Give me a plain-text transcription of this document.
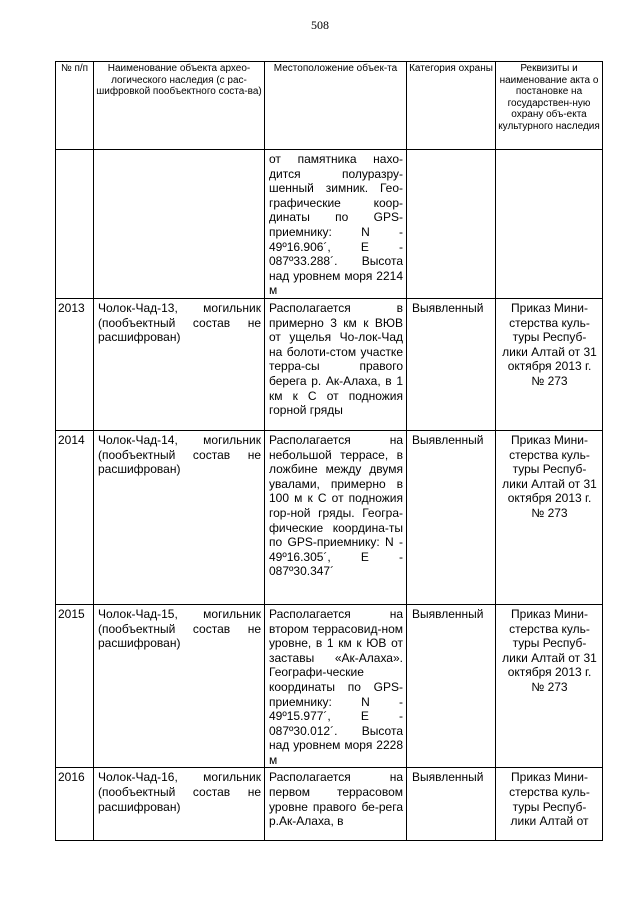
508
№ п/п	Наименование объекта архео-логического наследия (с рас-шифровкой пообъектного соста-ва)	Местоположение объек-та	Категория охраны	Реквизиты и наименование акта о постановке на государствен-ную охрану объ-екта культурного наследия
		от памятника нахо-дится полуразру-шенный зимник. Гео-графические коор-динаты по GPS-приемнику: N - 49º16.906´, E - 087º33.288´. Высота над уровнем моря 2214 м		
2013	Чолок-Чад-13, могильник (пообъектный состав не расшифрован)	Располагается в примерно 3 км к ВЮВ от ущелья Чо-лок-Чад на болоти-стом участке терра-сы правого берега р. Ак-Алаха, в 1 км к С от подножия горной гряды	Выявленный	Приказ Мини-стерства куль-туры Респуб-лики Алтай от 31 октября 2013 г. № 273
2014	Чолок-Чад-14, могильник (пообъектный состав не расшифрован)	Располагается на небольшой террасе, в ложбине между двумя увалами, примерно в 100 м к С от подножия гор-ной гряды. Геогра-фические координа-ты по GPS-приемнику: N - 49º16.305´, E - 087º30.347´	Выявленный	Приказ Мини-стерства куль-туры Респуб-лики Алтай от 31 октября 2013 г. № 273
2015	Чолок-Чад-15, могильник (пообъектный состав не расшифрован)	Располагается на втором террасовид-ном уровне, в 1 км к ЮВ от заставы «Ак-Алаха». Географи-ческие координаты по GPS-приемнику: N - 49º15.977´, E - 087º30.012´. Высота над уровнем моря 2228 м	Выявленный	Приказ Мини-стерства куль-туры Респуб-лики Алтай от 31 октября 2013 г. № 273
2016	Чолок-Чад-16, могильник (пообъектный состав не расшифрован)	Располагается на первом террасовом уровне правого бе-рега р.Ак-Алаха, в	Выявленный	Приказ Мини-стерства куль-туры Респуб-лики Алтай от
